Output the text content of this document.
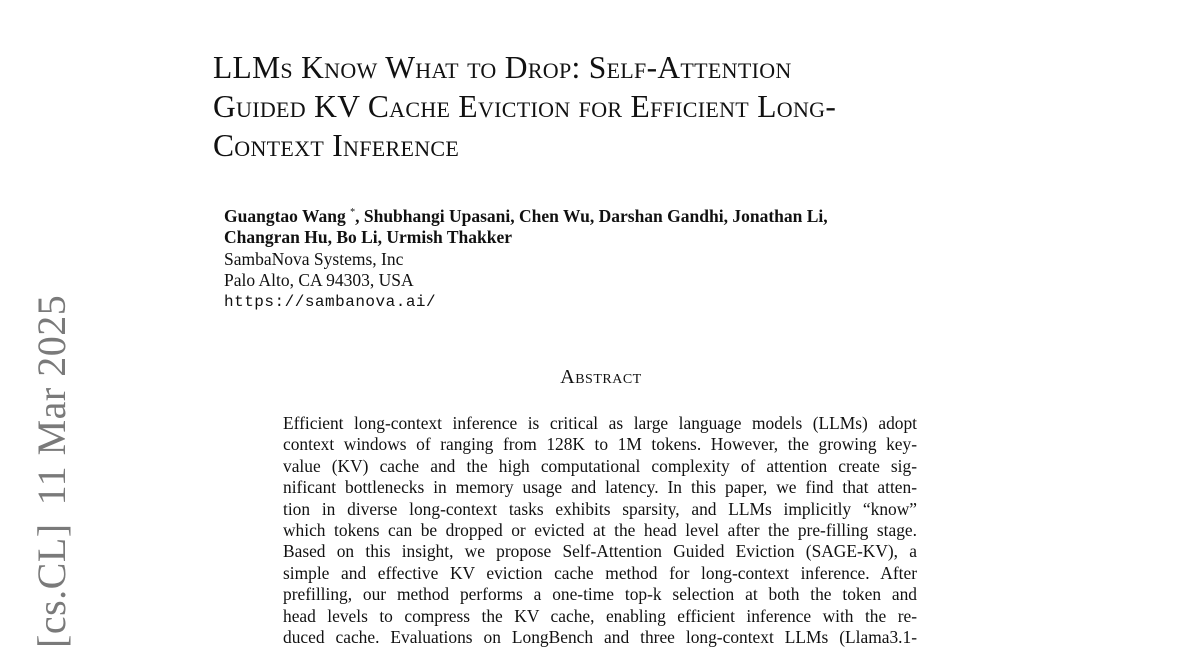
[cs.CL]11 Mar 2025
LLMs Know What to Drop: Self-Attention
Guided KV Cache Eviction for Efficient Long-
Context Inference
Guangtao Wang *, Shubhangi Upasani, Chen Wu, Darshan Gandhi, Jonathan Li,
Changran Hu, Bo Li, Urmish Thakker
SambaNova Systems, Inc
Palo Alto, CA 94303, USA
https://sambanova.ai/
Abstract
Efficient long-context inference is critical as large language models (LLMs) adopt
context windows of ranging from 128K to 1M tokens. However, the growing key-
value (KV) cache and the high computational complexity of attention create sig-
nificant bottlenecks in memory usage and latency. In this paper, we find that atten-
tion in diverse long-context tasks exhibits sparsity, and LLMs implicitly “know”
which tokens can be dropped or evicted at the head level after the pre-filling stage.
Based on this insight, we propose Self-Attention Guided Eviction (SAGE-KV), a
simple and effective KV eviction cache method for long-context inference. After
prefilling, our method performs a one-time top-k selection at both the token and
head levels to compress the KV cache, enabling efficient inference with the re-
duced cache. Evaluations on LongBench and three long-context LLMs (Llama3.1-
